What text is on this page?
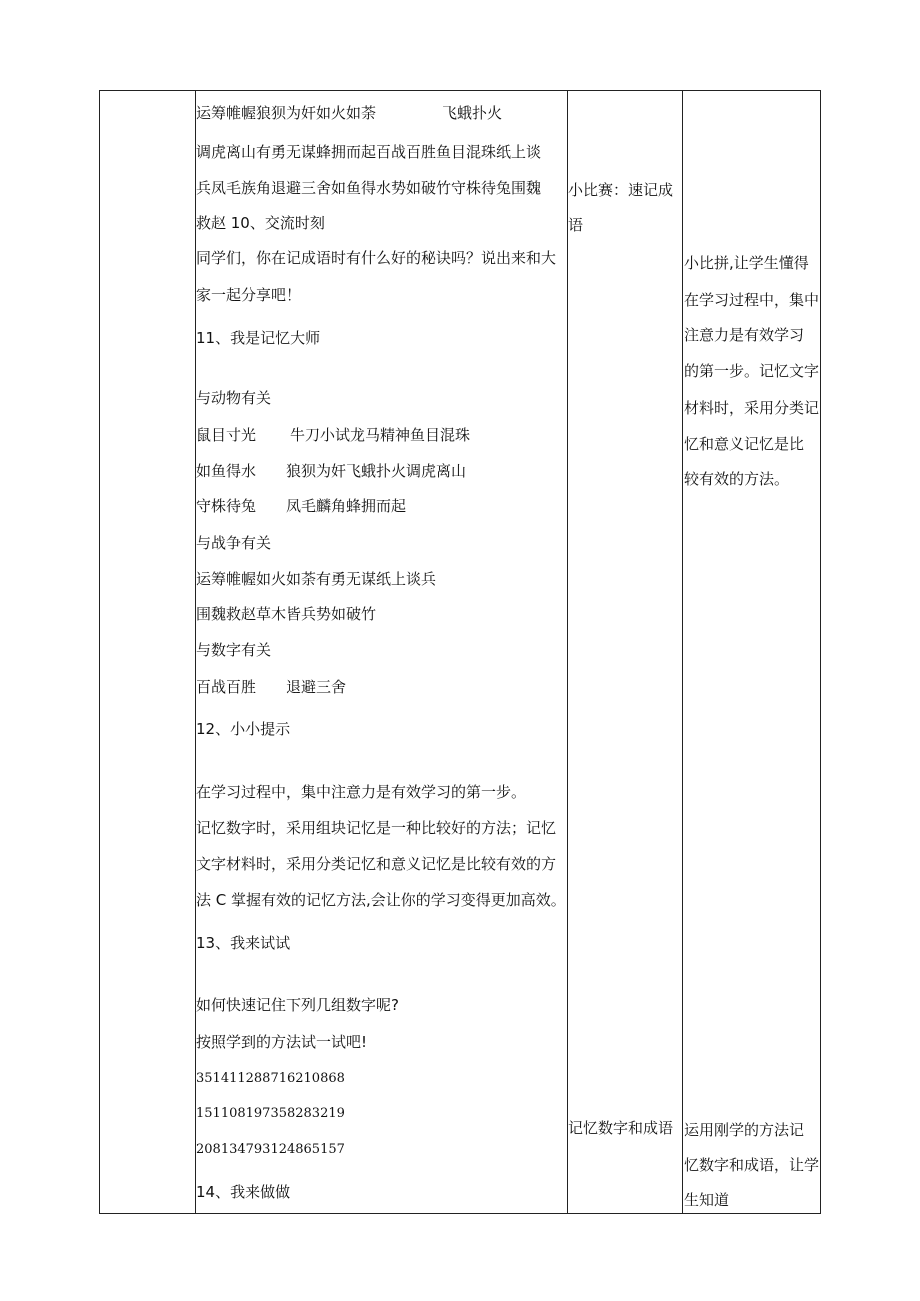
运筹帷幄狼狈为奸如火如荼	飞蛾扑火
调虎离山有勇无谋蜂拥而起百战百胜鱼目混珠纸上谈
兵凤毛族角退避三舍如鱼得水势如破竹守株待兔围魏
救赵 10、交流时刻
同学们，你在记成语时有什么好的秘诀吗？说出来和大
家一起分享吧！
11、我是记忆大师
与动物有关
鼠目寸光 牛刀小试龙马精神鱼目混珠
如鱼得水 狼狈为奸飞蛾扑火调虎离山
守株待兔 凤毛麟角蜂拥而起
与战争有关
运筹帷幄如火如荼有勇无谋纸上谈兵
围魏救赵草木皆兵势如破竹
与数字有关
百战百胜 退避三舍
12、小小提示
在学习过程中，集中注意力是有效学习的第一步。
记忆数字时，采用组块记忆是一种比较好的方法；记忆
文字材料时，采用分类记忆和意义记忆是比较有效的方
法 C 掌握有效的记忆方法,会让你的学习变得更加高效。
13、我来试试
如何快速记住下列几组数字呢?
按照学到的方法试一试吧!
351411288716210868
151108197358283219
208134793124865157
14、我来做做
小比赛：速记成
语
记忆数字和成语
小比拼,让学生懂得
在学习过程中，集中
注意力是有效学习
的第一步。记忆文字
材料时，采用分类记
忆和意义记忆是比
较有效的方法。
运用刚学的方法记
忆数字和成语，让学
生知道
